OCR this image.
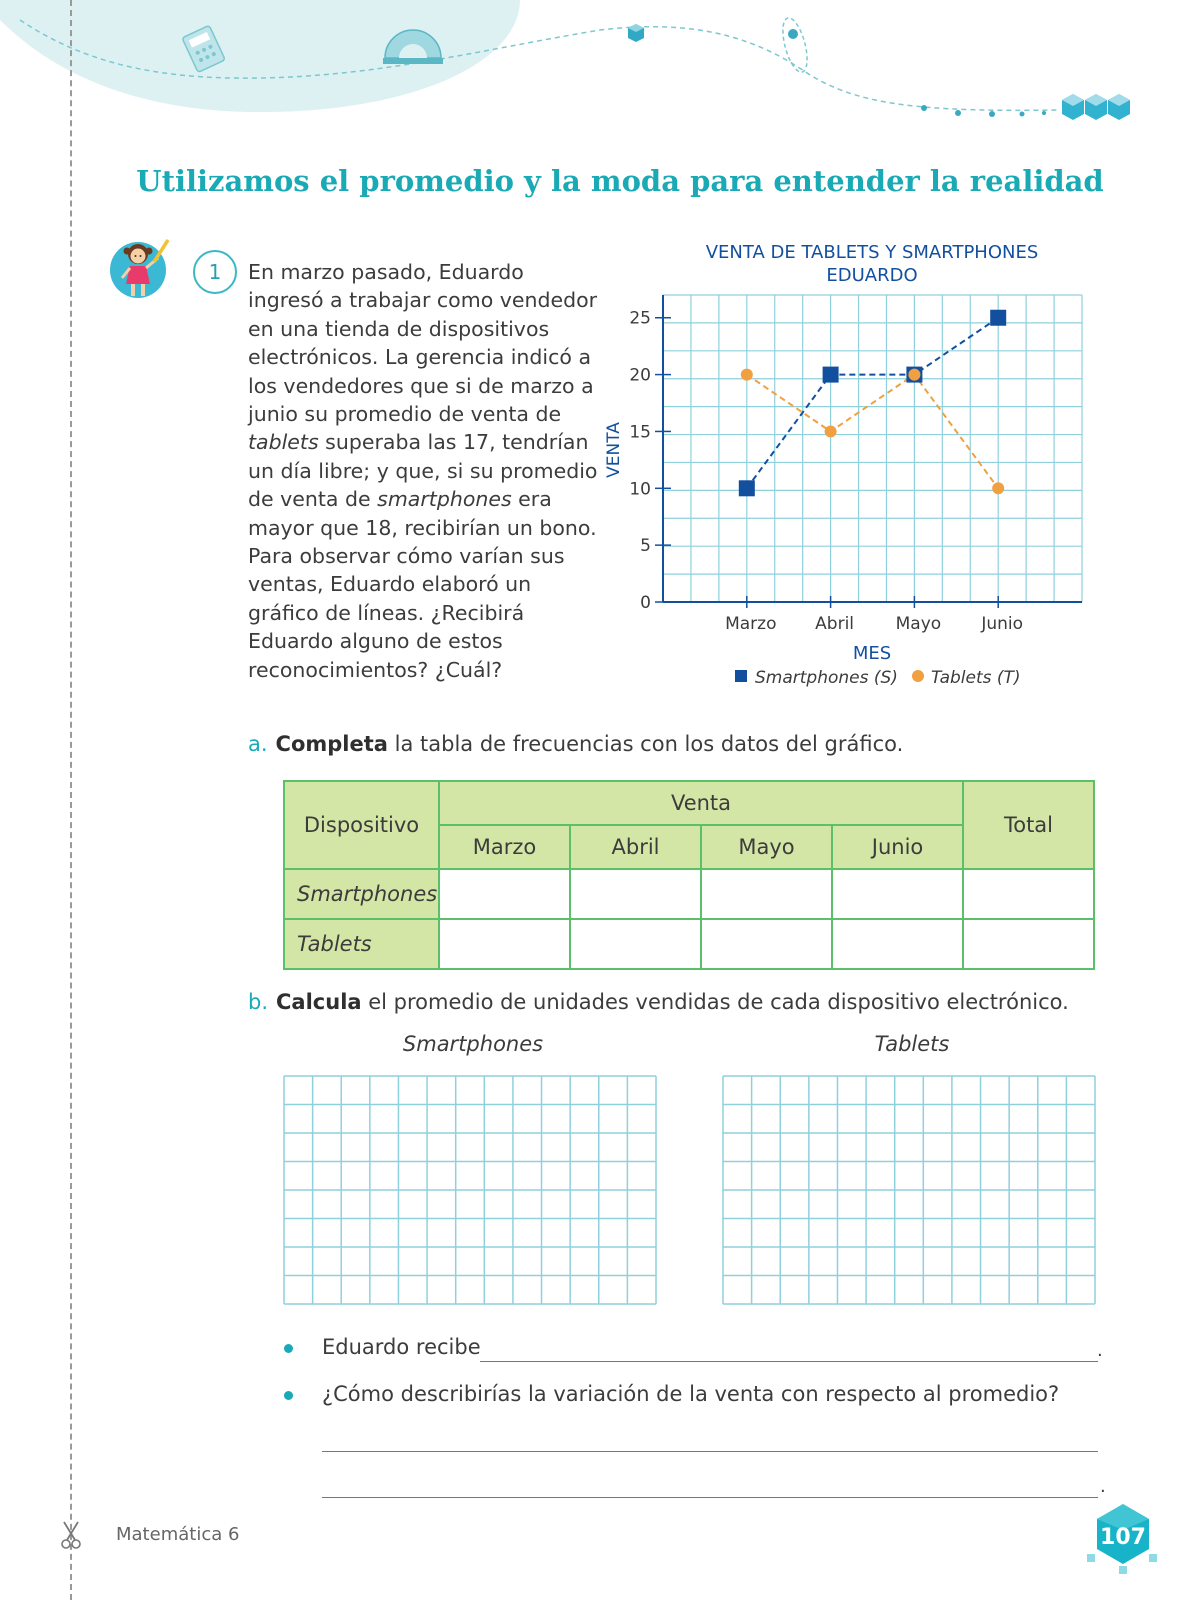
Utilizamos el promedio y la moda para entender la realidad
1	En marzo pasado, Eduardo ingresó a trabajar como vendedor en una tienda de dispositivos electrónicos. La gerencia indicó a los vendedores que si de marzo a junio su promedio de venta de tablets superaba las 17, tendrían un día libre; y que, si su promedio de venta de smartphones era mayor que 18, recibirían un bono. Para observar cómo varían sus ventas, Eduardo elaboró un gráfico de líneas. ¿Recibirá Eduardo alguno de estos reconocimientos? ¿Cuál?

VENTA DE TABLETS Y SMARTPHONES
EDUARDO
0
5
10
15
20
25
Marzo Abril Mayo Junio
VENTA
MES
Smartphones (S) Tablets (T)
a. Completa la tabla de frecuencias con los datos del gráfico.
Dispositivo	Venta				Total
	Marzo	Abril	Mayo	Junio	
Smartphones					
Tablets					
b. Calcula el promedio de unidades vendidas de cada dispositivo electrónico.
Smartphones	Tablets
Eduardo recibe	.
¿Cómo describirías la variación de la venta con respecto al promedio?
.
Matemática 6	107
